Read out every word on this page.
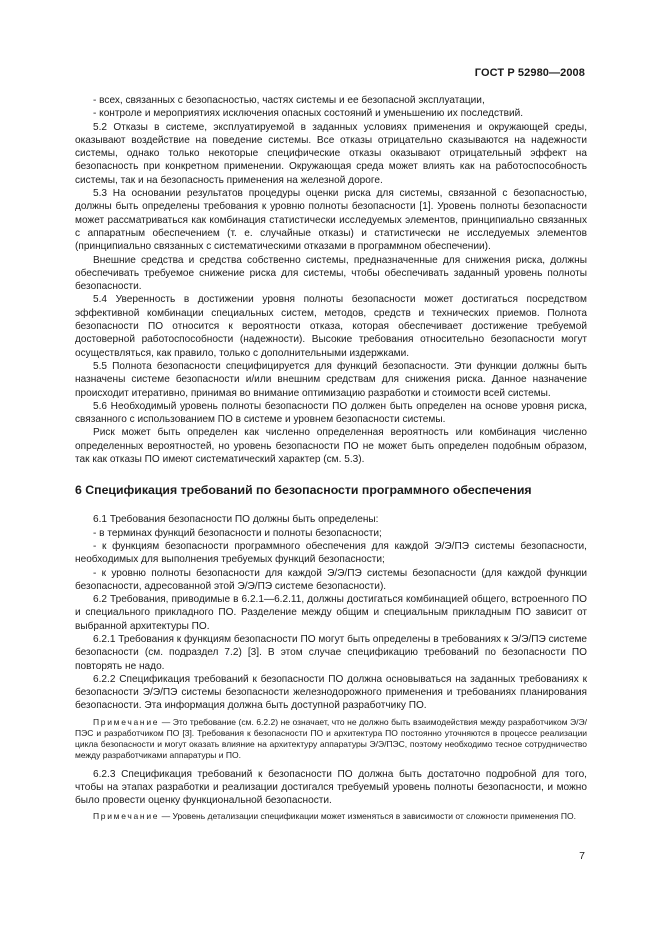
ГОСТ Р 52980—2008

- всех, связанных с безопасностью, частях системы и ее безопасной эксплуатации,

- контроле и мероприятиях исключения опасных состояний и уменьшению их последствий.

5.2 Отказы в системе, эксплуатируемой в заданных условиях применения и окружающей среды, оказывают воздействие на поведение системы. Все отказы отрицательно сказываются на надежности системы, однако только некоторые специфические отказы оказывают отрицательный эффект на безопасность при конкретном применении. Окружающая среда может влиять как на работоспособность системы, так и на безопасность применения на железной дороге.

5.3 На основании результатов процедуры оценки риска для системы, связанной с безопасностью, должны быть определены требования к уровню полноты безопасности [1]. Уровень полноты безопасности может рассматриваться как комбинация статистически исследуемых элементов, принципиально связанных с аппаратным обеспечением (т. е. случайные отказы) и статистически не исследуемых элементов (принципиально связанных с систематическими отказами в программном обеспечении).

Внешние средства и средства собственно системы, предназначенные для снижения риска, должны обеспечивать требуемое снижение риска для системы, чтобы обеспечивать заданный уровень полноты безопасности.

5.4 Уверенность в достижении уровня полноты безопасности может достигаться посредством эффективной комбинации специальных систем, методов, средств и технических приемов. Полнота безопасности ПО относится к вероятности отказа, которая обеспечивает достижение требуемой достоверной работоспособности (надежности). Высокие требования относительно безопасности могут осуществляться, как правило, только с дополнительными издержками.

5.5 Полнота безопасности специфицируется для функций безопасности. Эти функции должны быть назначены системе безопасности и/или внешним средствам для снижения риска. Данное назначение происходит итеративно, принимая во внимание оптимизацию разработки и стоимости всей системы.

5.6 Необходимый уровень полноты безопасности ПО должен быть определен на основе уровня риска, связанного с использованием ПО в системе и уровнем безопасности системы.

Риск может быть определен как численно определенная вероятность или комбинация численно определенных вероятностей, но уровень безопасности ПО не может быть определен подобным образом, так как отказы ПО имеют систематический характер (см. 5.3).

6 Спецификация требований по безопасности программного обеспечения

6.1 Требования безопасности ПО должны быть определены:

- в терминах функций безопасности и полноты безопасности;

- к функциям безопасности программного обеспечения для каждой Э/Э/ПЭ системы безопасности, необходимых для выполнения требуемых функций безопасности;

- к уровню полноты безопасности для каждой Э/Э/ПЭ системы безопасности (для каждой функции безопасности, адресованной этой Э/Э/ПЭ системе безопасности).

6.2 Требования, приводимые в 6.2.1—6.2.11, должны достигаться комбинацией общего, встроенного ПО и специального прикладного ПО. Разделение между общим и специальным прикладным ПО зависит от выбранной архитектуры ПО.

6.2.1 Требования к функциям безопасности ПО могут быть определены в требованиях к Э/Э/ПЭ системе безопасности (см. подраздел 7.2) [3]. В этом случае спецификацию требований по безопасности ПО повторять не надо.

6.2.2 Спецификация требований к безопасности ПО должна основываться на заданных требованиях к безопасности Э/Э/ПЭ системы безопасности железнодорожного применения и требованиях планирования безопасности. Эта информация должна быть доступной разработчику ПО.

Примечание — Это требование (см. 6.2.2) не означает, что не должно быть взаимодействия между разработчиком Э/Э/ПЭС и разработчиком ПО [3]. Требования к безопасности ПО и архитектура ПО постоянно уточняются в процессе реализации цикла безопасности и могут оказать влияние на архитектуру аппаратуры Э/Э/ПЭС, поэтому необходимо тесное сотрудничество между разработчиками аппаратуры и ПО.

6.2.3 Спецификация требований к безопасности ПО должна быть достаточно подробной для того, чтобы на этапах разработки и реализации достигался требуемый уровень полноты безопасности, и можно было провести оценку функциональной безопасности.

Примечание — Уровень детализации спецификации может изменяться в зависимости от сложности применения ПО.

7
